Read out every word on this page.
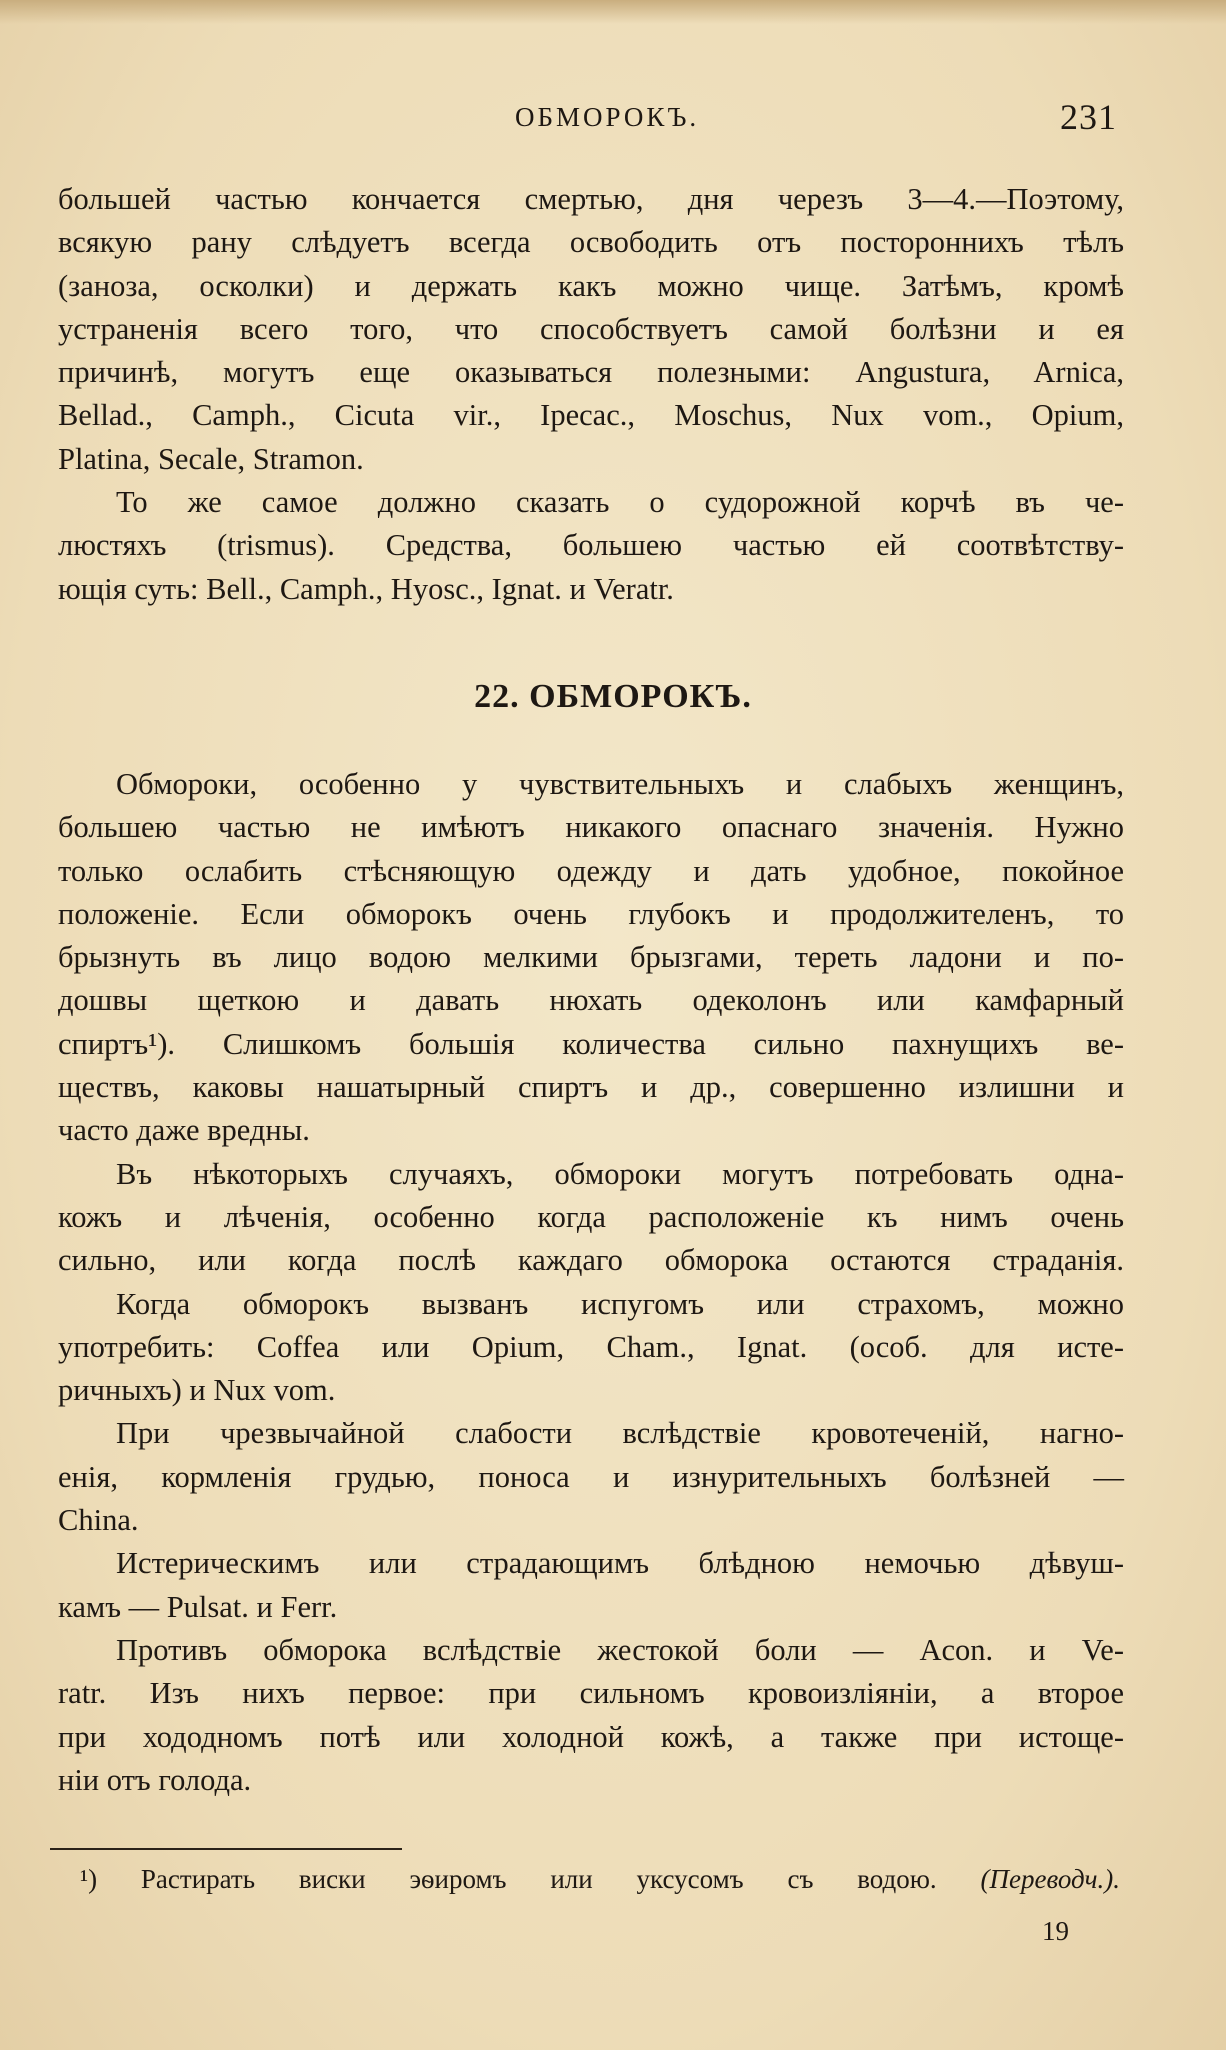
ОБМОРОКЪ.	231

большей частью кончается смертью, дня черезъ 3—4.—Поэтому,
всякую рану слѣдуетъ всегда освободить отъ постороннихъ тѣлъ
(заноза, осколки) и держать какъ можно чище. Затѣмъ, кромѣ
устраненія всего того, что способствуетъ самой болѣзни и ея
причинѣ, могутъ еще оказываться полезными: Angustura, Arnica,
Bellad., Camph., Cicuta vir., Ipecac., Moschus, Nux vom., Opium,

Platina, Secale, Stramon.

То же самое должно сказать о судорожной корчѣ въ че-
люстяхъ (trismus). Средства, большею частью ей соотвѣтству-

ющія суть: Bell., Camph., Hyosc., Ignat. и Veratr.

22. ОБМОРОКЪ.

Обмороки, особенно у чувствительныхъ и слабыхъ женщинъ,
большею частью не имѣютъ никакого опаснаго значенія. Нужно
только ослабить стѣсняющую одежду и дать удобное, покойное
положеніе. Если обморокъ очень глубокъ и продолжителенъ, то
брызнуть въ лицо водою мелкими брызгами, тереть ладони и по-
дошвы щеткою и давать нюхать одеколонъ или камфарный
спиртъ¹). Слишкомъ большія количества сильно пахнущихъ ве-
ществъ, каковы нашатырный спиртъ и др., совершенно излишни и

часто даже вредны.

Въ нѣкоторыхъ случаяхъ, обмороки могутъ потребовать одна-
кожъ и лѣченія, особенно когда расположеніе къ нимъ очень
сильно, или когда послѣ каждаго обморока остаются страданія.

Когда обморокъ вызванъ испугомъ или страхомъ, можно
употребить: Coffea или Opium, Cham., Ignat. (особ. для исте-

ричныхъ) и Nux vom.

При чрезвычайной слабости вслѣдствіе кровотеченій, нагно-
енія, кормленія грудью, поноса и изнурительныхъ болѣзней —

China.

Истерическимъ или страдающимъ блѣдною немочью дѣвуш-

камъ — Pulsat. и Ferr.

Противъ обморока вслѣдствіе жестокой боли — Acon. и Ve-
ratr. Изъ нихъ первое: при сильномъ кровоизліяніи, а второе
при хододномъ потѣ или холодной кожѣ, а также при истоще-

ніи отъ голода.

¹) Растирать виски эѳиромъ или уксусомъ съ водою. (Переводч.).
19
